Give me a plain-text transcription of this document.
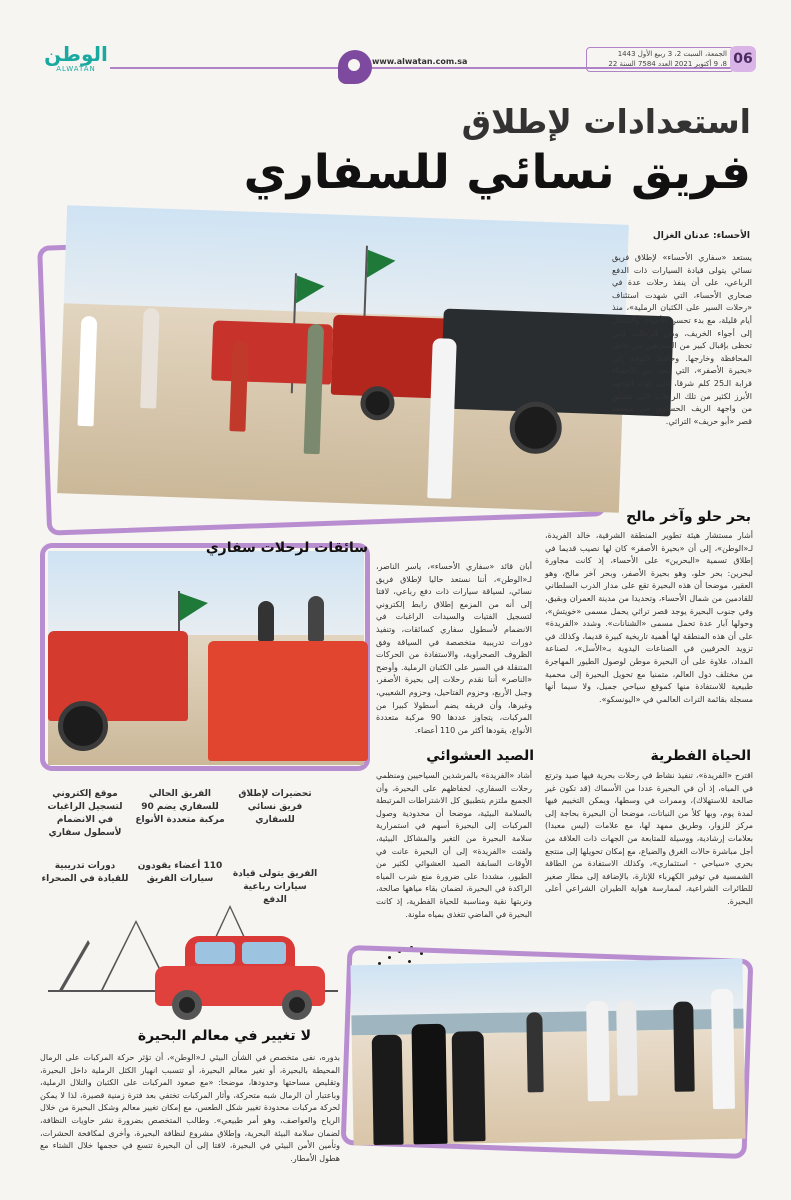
الوطن
ALWATAN
www.alwatan.com.sa
الجمعة، السبت 2، 3 ربيع الأول 1443
8، 9 أكتوبر 2021 العدد 7584 السنة 22 06
استعدادات لإطلاق
فريق نسائي للسفاري
الأحساء: عدنان الغزال
يستعد «سفاري الأحساء» لإطلاق فريق نسائي يتولى قيادة السيارات ذات الدفع الرباعي، على أن ينفذ رحلات عدة في صحاري الأحساء، التي شهدت استئناف «رحلات السير على الكثبان الرملية»، منذ أيام قليلة، مع بدء تحسن الأجواء، والانتقال إلى أجواء الخريف، وهي الرحلات التي تحظى بإقبال كبير من المتنزهين من داخل المحافظة وخارجها. وحافظ التوجه إلى «بحيرة الأصفر»، التي تبعد عن الأحساء قرابة الـ25 كلم شرقا، على كونه الوجهة الأبرز لكثير من تلك الرحلات التي تنطلق من واجهة الريف الحساوي في منطقة قصر «أبو حريف» التراثي.
بحر حلو وآخر مالح
أشار مستشار هيئة تطوير المنطقة الشرقية، خالد الفريدة، لـ«الوطن»، إلى أن «بحيرة الأصفر» كان لها نصيب قديما في إطلاق تسمية «البحرين» على الأحساء، إذ كانت مجاورة لبحرين: بحر حلو، وهو بحيرة الأصفر، وبحر آخر مالح، وهو العقير، موضحا أن هذه البحيرة تقع على مدار الدرب السلطاني للقادمين من شمال الأحساء، وتحديدا من مدينة العمران وبقيق، وفي جنوب البحيرة يوجد قصر تراثي يحمل مسمى «خويتش»، وحولها آبار عدة تحمل مسمى «الشنانات». وشدد «الفريدة» على أن هذه المنطقة لها أهمية تاريخية كبيرة قديما، وكذلك في تزويد الحرفيين في الصناعات اليدوية بـ«الأسل»، لصناعة المداد، علاوة على أن البحيرة موطن لوصول الطيور المهاجرة من مختلف دول العالم، متمنيا مع تحويل البحيرة إلى محمية طبيعية للاستفادة منها كموقع سياحي جميل، ولا سيما أنها مسجلة بقائمة التراث العالمي في «اليونسكو».
سائقات لرحلات سفاري
أبان قائد «سفاري الأحساء»، ياسر الناصر، لـ«الوطن»، أننا نستعد حاليا لإطلاق فريق نسائي، لسياقة سيارات ذات دفع رباعي، لافتا إلى أنه من المزمع إطلاق رابط إلكتروني لتسجيل الفتيات والسيدات الراغبات في الانضمام لأسطول سفاري كسائقات، وتنفيذ دورات تدريبية متخصصة في السياقة وفق الظروف الصحراوية، والاستفادة من الحركات المتنقلة في السير على الكثبان الرملية. وأوضح «الناصر» أننا نقدم رحلات إلى بحيرة الأصفر، وجبل الأربع، وحزوم الفتاحيل، وحزوم الشعيبي، وغيرها، وأن فريقه يضم أسطولا كبيرا من المركبات، يتجاوز عددها 90 مركبة متعددة الأنواع، يقودها أكثر من 110 أعضاء.
الحياة الفطرية
اقترح «الفريدة»، تنفيذ نشاط في رحلات بحرية فيها صيد وترتع في المياه، إذ أن في البحيرة عددا من الأسماك (قد تكون غير صالحة للاستهلاك)، وممرات في وسطها، ويمكن التخييم فيها لمدة يوم، وبها كلأ من النباتات، موضحا أن البحيرة بحاجة إلى مركز للزوار، وطريق ممهد لها، مع علامات (ليس معبدا) بعلامات إرشادية، ووسيلة للمتابعة من الجهات ذات العلاقة من أجل مباشرة حالات الغرق والضياع، مع إمكان تحويلها إلى منتجع بحري «سياحي - استثماري»، وكذلك الاستفادة من الطاقة الشمسية في توفير الكهرباء للإنارة، بالإضافة إلى مطار صغير للطائرات الشراعية، لممارسة هواية الطيران الشراعي أعلى البحيرة.
الصيد العشوائي
أشاد «الفريدة» بالمرشدين السياحيين ومنظمي رحلات السفاري، لحفاظهم على البحيرة، وأن الجميع ملتزم بتطبيق كل الاشتراطات المرتبطة بالسلامة البيئية، موضحا أن محدودية وصول المركبات إلى البحيرة أسهم في استمرارية سلامة البحيرة من التغير والمشاكل البيئية، ولفتت «الفريدة» إلى أن البحيرة عانت في الأوقات السابقة الصيد العشوائي لكثير من الطيور، مشددا على ضرورة منع شرب المياه الراكدة في البحيرة، لضمان بقاء مياهها صالحة، وتربتها نقية ومناسبة للحياة الفطرية، إذ كانت البحيرة في الماضي تتغذى بمياه ملونة.
تحضيرات لإطلاق فريق نسائي للسفاري
الفريق الحالي للسفاري يضم 90 مركبة متعددة الأنواع
موقع إلكتروني لتسجيل الراغبات في الانضمام لأسطول سفاري
الفريق يتولى قيادة سيارات رباعية الدفع
110 أعضاء يقودون سيارات الفريق
دورات تدريبية للقيادة في الصحراء
لا تغيير في معالم البحيرة
بدوره، نفى متخصص في الشأن البيئي لـ«الوطن»، أن تؤثر حركة المركبات على الرمال المحيطة بالبحيرة، أو تغير معالم البحيرة، أو تتسبب انهيار الكثل الرملية داخل البحيرة، وتقليص مساحتها وحدودها، موضحا: «مع صعود المركبات على الكثبان والتلال الرملية، وباعتبار أن الرمال شبه متحركة، وأثار المركبات تختفي بعد فترة زمنية قصيرة، لذا لا يمكن لحركة مركبات محدودة تغيير شكل الطعس، مع إمكان تغيير معالم وشكل البحيرة من خلال الرياح والعواصف، وهو أمر طبيعي». وطالب المتخصص بضرورة نشر حاويات النظافة، لضمان سلامة البيئة البحرية، وإطلاق مشروع لنظافة البحيرة، وأخرى لمكافحة الحشرات، وتأمين الأمن البيئي في البحيرة، لافتا إلى أن البحيرة تتسع في حجمها خلال الشتاء مع هطول الأمطار.
